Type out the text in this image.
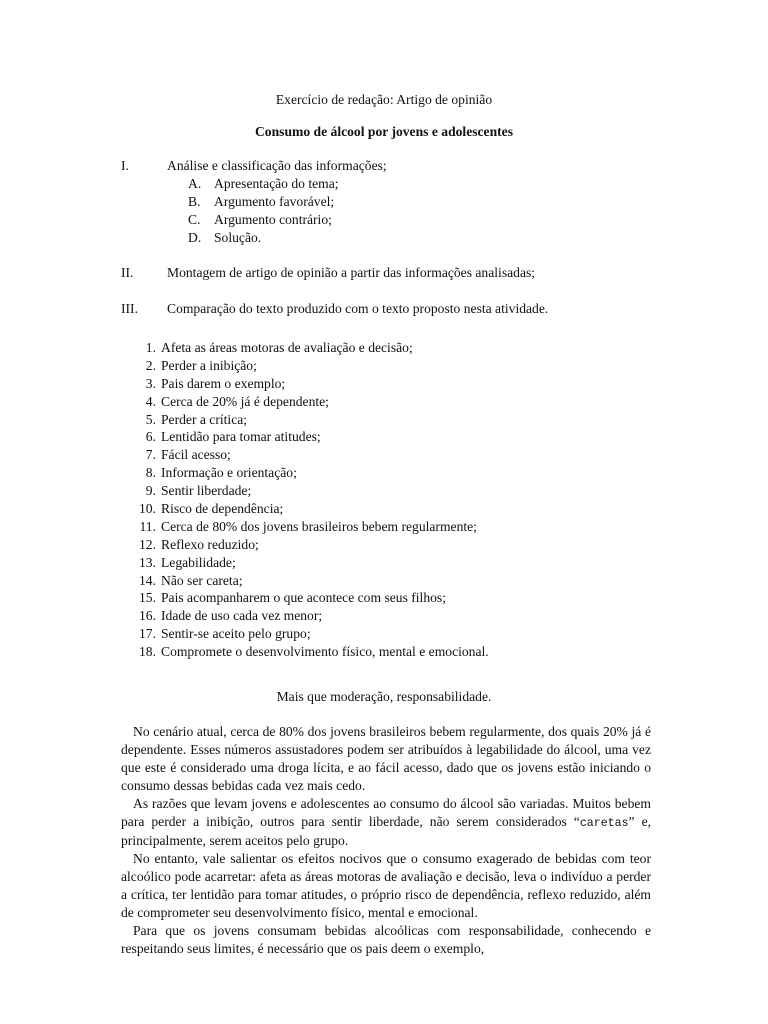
Exercício de redação: Artigo de opinião
Consumo de álcool por jovens e adolescentes
I.	Análise e classificação das informações;
A. Apresentação do tema;
B. Argumento favorável;
C. Argumento contrário;
D. Solução.
II. Montagem de artigo de opinião a partir das informações analisadas;
III. Comparação do texto produzido com o texto proposto nesta atividade.
1. Afeta as áreas motoras de avaliação e decisão;
2. Perder a inibição;
3. Pais darem o exemplo;
4. Cerca de 20% já é dependente;
5. Perder a crítica;
6. Lentidão para tomar atitudes;
7. Fácil acesso;
8. Informação e orientação;
9. Sentir liberdade;
10. Risco de dependência;
11. Cerca de 80% dos jovens brasileiros bebem regularmente;
12. Reflexo reduzido;
13. Legabilidade;
14. Não ser careta;
15. Pais acompanharem o que acontece com seus filhos;
16. Idade de uso cada vez menor;
17. Sentir-se aceito pelo grupo;
18. Compromete o desenvolvimento físico, mental e emocional.
Mais que moderação, responsabilidade.

No cenário atual, cerca de 80% dos jovens brasileiros bebem regularmente, dos quais 20% já é dependente. Esses números assustadores podem ser atribuídos à legabilidade do álcool, uma vez que este é considerado uma droga lícita, e ao fácil acesso, dado que os jovens estão iniciando o consumo dessas bebidas cada vez mais cedo.

As razões que levam jovens e adolescentes ao consumo do álcool são variadas. Muitos bebem para perder a inibição, outros para sentir liberdade, não serem considerados “caretas” e, principalmente, serem aceitos pelo grupo.

No entanto, vale salientar os efeitos nocivos que o consumo exagerado de bebidas com teor alcoólico pode acarretar: afeta as áreas motoras de avaliação e decisão, leva o indivíduo a perder a crítica, ter lentidão para tomar atitudes, o próprio risco de dependência, reflexo reduzido, além de comprometer seu desenvolvimento físico, mental e emocional.

Para que os jovens consumam bebidas alcoólicas com responsabilidade, conhecendo e respeitando seus limites, é necessário que os pais deem o exemplo,
